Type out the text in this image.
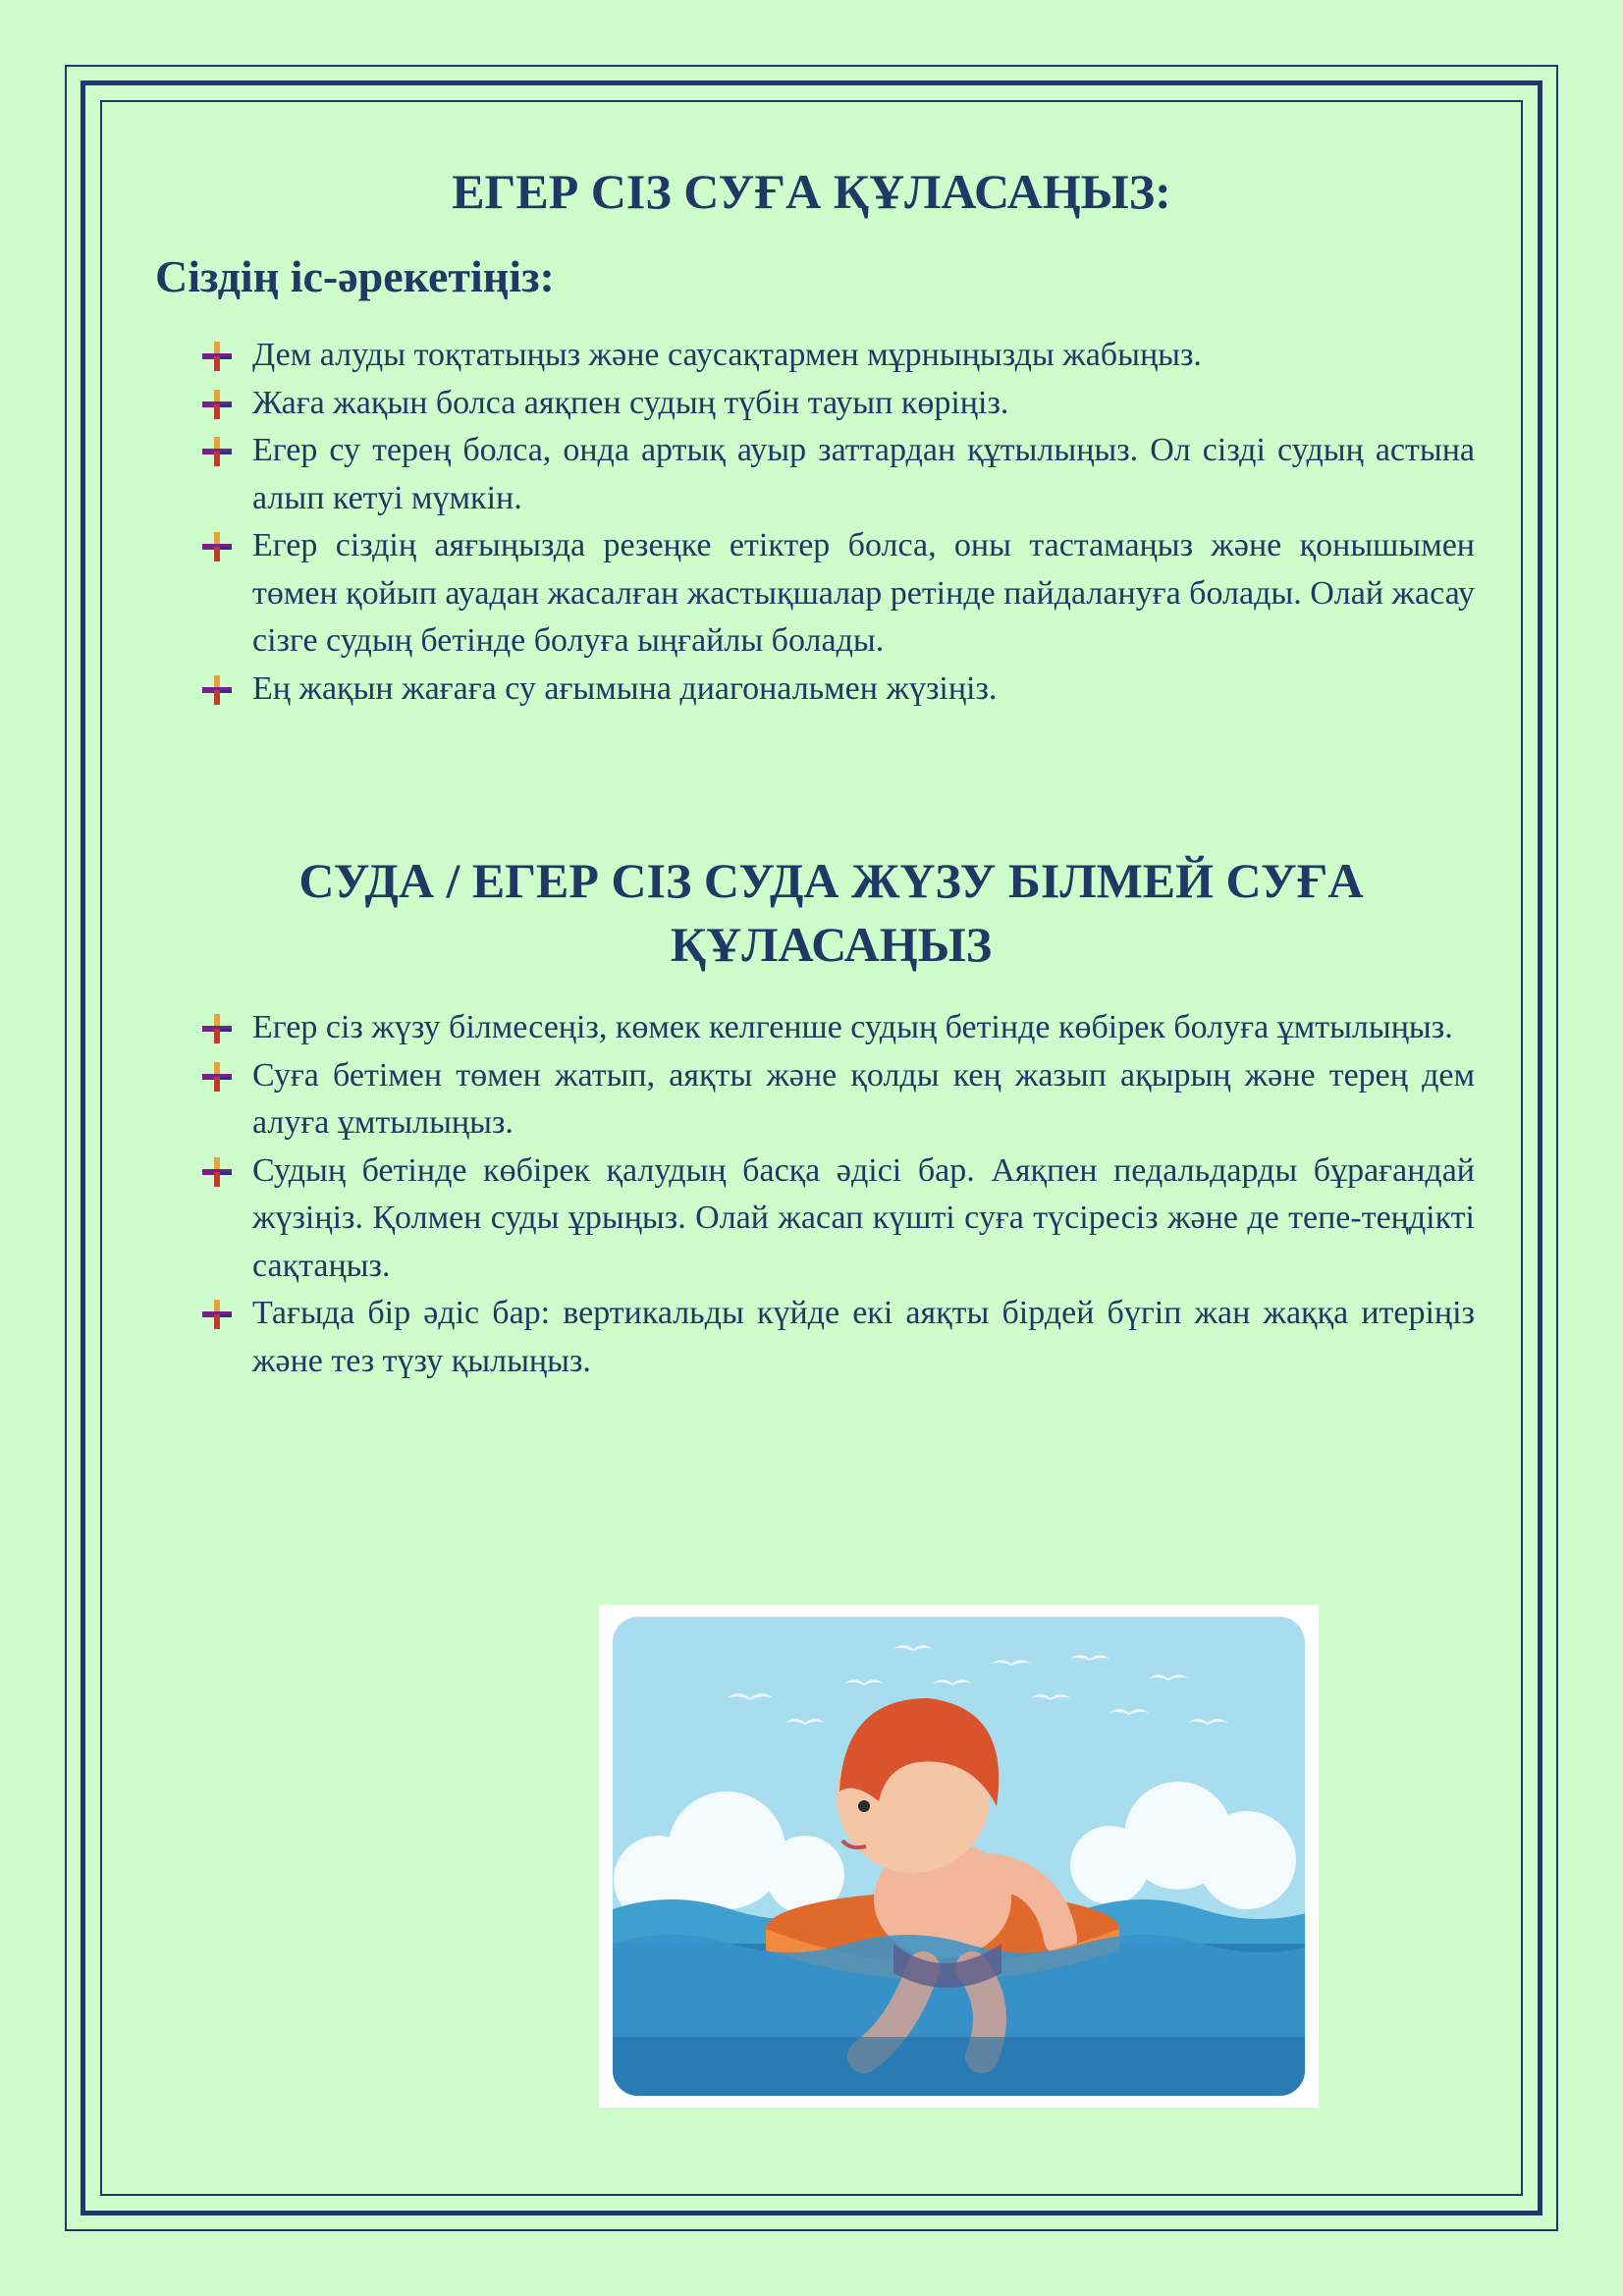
ЕГЕР СІЗ СУҒА ҚҰЛАСАҢЫЗ:
Сіздің іс-әрекетіңіз:
Дем алуды тоқтатыңыз және саусақтармен мұрныңызды жабыңыз.
Жаға жақын болса аяқпен судың түбін тауып көріңіз.
Егер су терең болса, онда артық ауыр заттардан құтылыңыз. Ол сізді судың астына алып кетуі мүмкін.
Егер сіздің аяғыңызда резеңке етіктер болса, оны тастамаңыз және қонышымен төмен қойып ауадан жасалған жастықшалар ретінде пайдалануға болады. Олай жасау сізге судың бетінде болуға ыңғайлы болады.
Ең жақын жағаға су ағымына диагональмен жүзіңіз.
СУДА / ЕГЕР СІЗ СУДА ЖҮЗУ БІЛМЕЙ СУҒА ҚҰЛАСАҢЫЗ
Егер сіз жүзу білмесеңіз, көмек келгенше судың бетінде көбірек болуға ұмтылыңыз.
Суға бетімен төмен жатып, аяқты және қолды кең жазып ақырың және терең дем алуға ұмтылыңыз.
Судың бетінде көбірек қалудың басқа әдісі бар. Аяқпен педальдарды бұрағандай жүзіңіз. Қолмен суды ұрыңыз. Олай жасап күшті суға түсіресіз және де тепе-теңдікті сақтаңыз.
Тағыда бір әдіс бар: вертикальды күйде екі аяқты бірдей бүгіп жан жаққа итеріңіз және тез түзу қылыңыз.
